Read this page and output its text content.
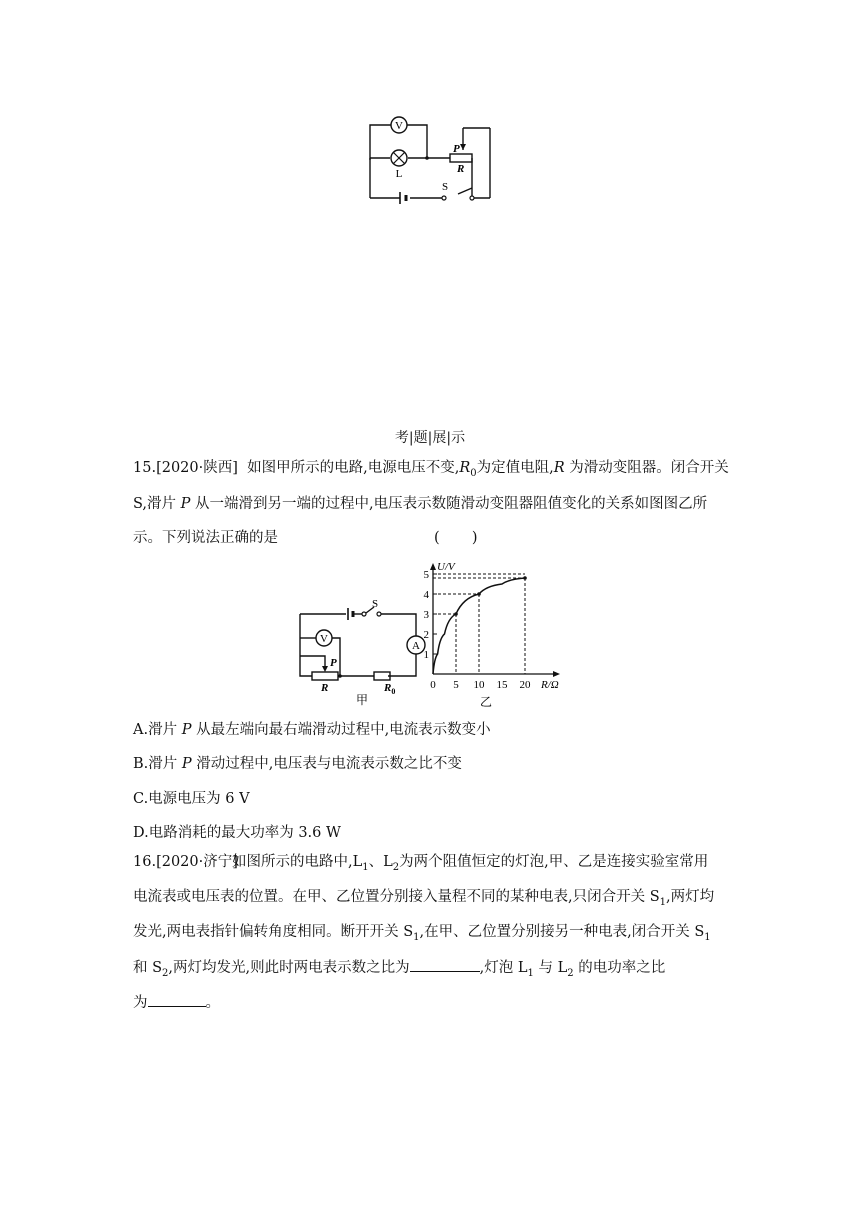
V
L
P
R
S
考|题|展|示
15.[2020·陕西] 如图甲所示的电路,电源电压不变$,R_0$为定值电阻,R 为滑动变阻器。闭合开关
S,滑片 P 从一端滑到另一端的过程中,电压表示数随滑动变阻器阻值变化的关系如图图乙所
示。下列说法正确的是	(       )
S
V
A
P
R	$R_0$
甲
0 5 10 15 20
1
2
3
4
5
U/V
R/Ω
乙
A.滑片 P 从最左端向最右端滑动过程中,电流表示数变小
B.滑片 P 滑动过程中,电压表与电流表示数之比不变
C.电源电压为 6 V
D.电路消耗的最大功率为 3.6 W
16.[2020·济宁]
如图所示的电路中$,L_1$、$L_2$为两个阻值恒定的灯泡,甲、乙是连接实验室常用
电流表或电压表的位置。在甲、乙位置分别接入量程不同的某种电表,只闭合开关 $S_1$,两灯均
发光,两电表指针偏转角度相同。断开开关 $S_1$,在甲、乙位置分别接另一种电表,闭合开关 $S_1$
和 $S_2$,两灯均发光,则此时两电表示数之比为	,灯泡 $L_1$ 与 $L_2$ 的电功率之比
为	。
